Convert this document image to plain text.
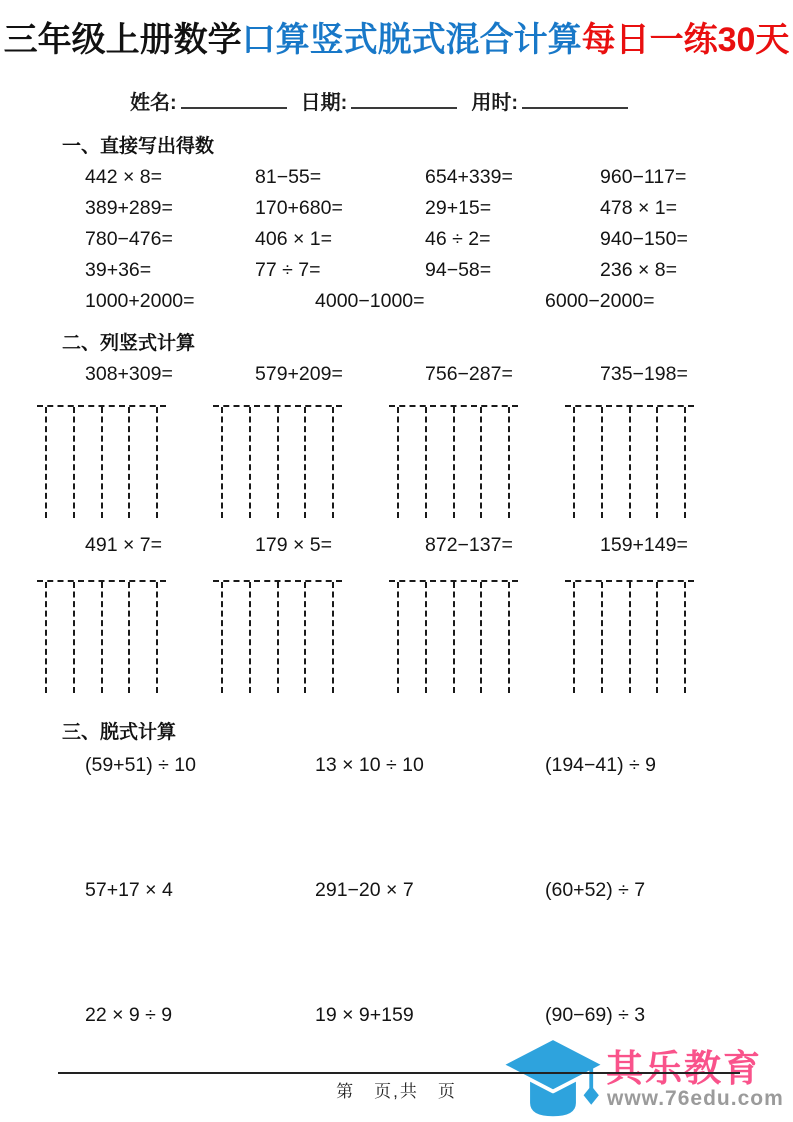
三年级上册数学口算竖式脱式混合计算每日一练30天
姓名:	日期:	用时:
一、直接写出得数
442 × 8=	81−55=	654+339=	960−117=
389+289=	170+680=	29+15=	478 × 1=
780−476=	406 × 1=	46 ÷ 2=	940−150=
39+36=	77 ÷ 7=	94−58=	236 × 8=
1000+2000=	4000−1000=	6000−2000=
二、列竖式计算
308+309=	579+209=	756−287=	735−198=
491 × 7=	179 × 5=	872−137=	159+149=
三、脱式计算
(59+51) ÷ 10	13 × 10 ÷ 10	(194−41) ÷ 9
57+17 × 4	291−20 × 7	(60+52) ÷ 7
22 × 9 ÷ 9	19 × 9+159	(90−69) ÷ 3
第　页,共　页
其乐教育
www.76edu.com
